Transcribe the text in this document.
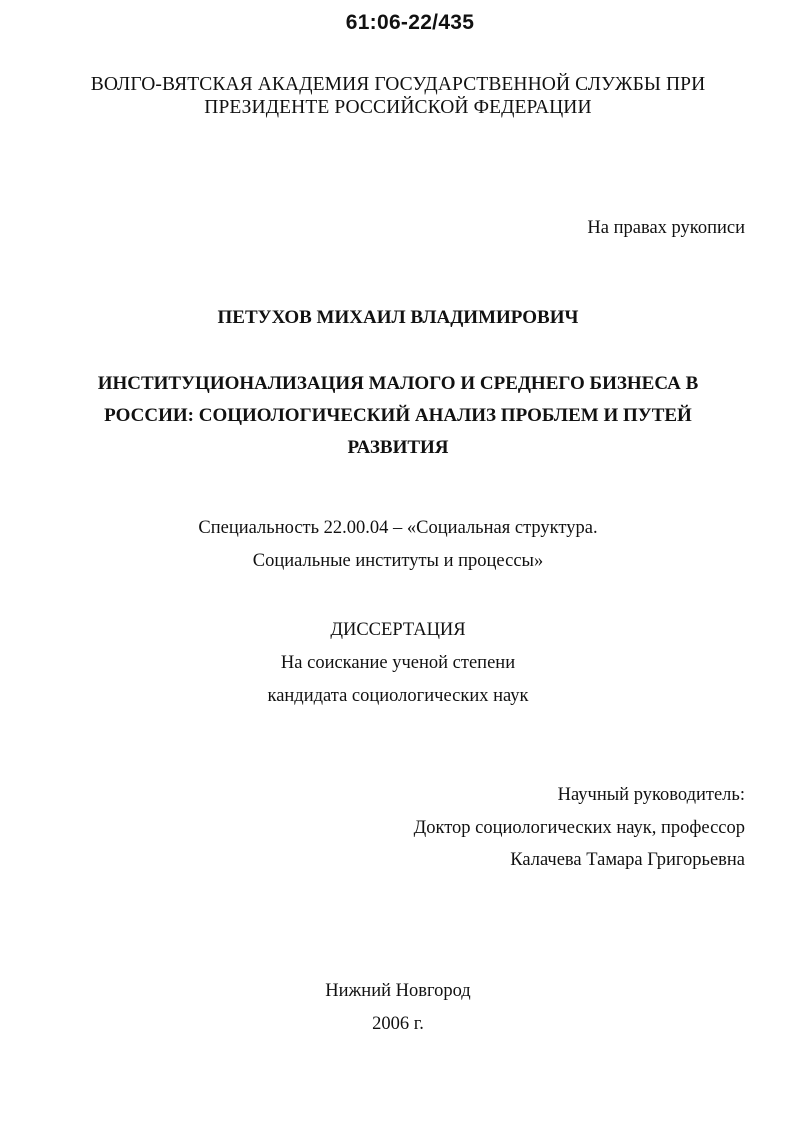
61:06-22/435
ВОЛГО-ВЯТСКАЯ АКАДЕМИЯ ГОСУДАРСТВЕННОЙ СЛУЖБЫ ПРИ
ПРЕЗИДЕНТЕ РОССИЙСКОЙ ФЕДЕРАЦИИ
На правах рукописи
ПЕТУХОВ МИХАИЛ ВЛАДИМИРОВИЧ
ИНСТИТУЦИОНАЛИЗАЦИЯ МАЛОГО И СРЕДНЕГО БИЗНЕСА В
РОССИИ: СОЦИОЛОГИЧЕСКИЙ АНАЛИЗ ПРОБЛЕМ И ПУТЕЙ
РАЗВИТИЯ
Специальность 22.00.04 – «Социальная структура.
Социальные институты и процессы»
ДИССЕРТАЦИЯ
На соискание ученой степени
кандидата социологических наук
Научный руководитель:
Доктор социологических наук, профессор
Калачева Тамара Григорьевна
Нижний Новгород
2006 г.
